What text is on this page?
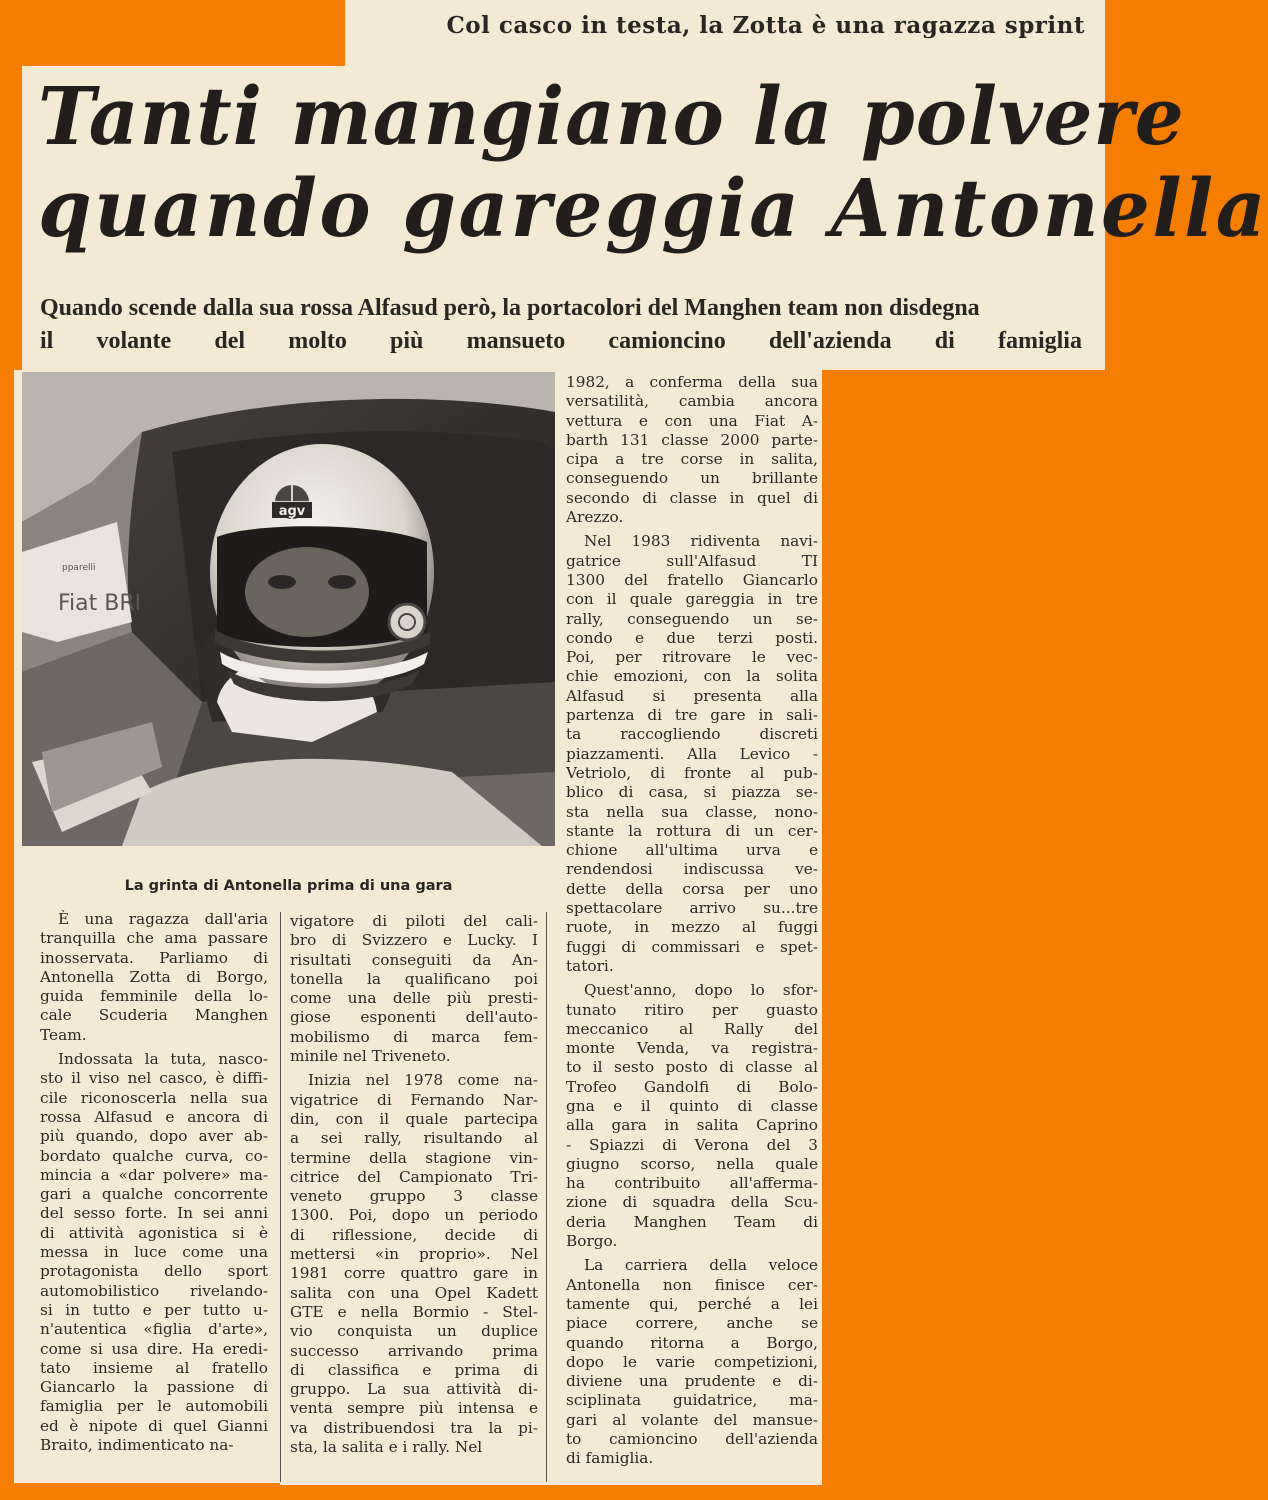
Col casco in testa, la Zotta è una ragazza sprint
Tanti mangiano la polvere
quando gareggia Antonella
Quando scende dalla sua rossa Alfasud però, la portacolori del Manghen team non disdegna
il volante del molto più mansueto camioncino dell'azienda di famiglia
agv
Fiat BRI
pparelli
La grinta di Antonella prima di una gara

È una ragazza dall'aria
tranquilla che ama passare
inosservata. Parliamo di
Antonella Zotta di Borgo,
guida femminile della lo-
cale Scuderia Manghen
Team.

Indossata la tuta, nasco-
sto il viso nel casco, è diffi-
cile riconoscerla nella sua
rossa Alfasud e ancora di
più quando, dopo aver ab-
bordato qualche curva, co-
mincia a «dar polvere» ma-
gari a qualche concorrente
del sesso forte. In sei anni
di attività agonistica si è
messa in luce come una
protagonista dello sport
automobilistico rivelando-
si in tutto e per tutto u-
n'autentica «figlia d'arte»,
come si usa dire. Ha eredi-
tato insieme al fratello
Giancarlo la passione di
famiglia per le automobili
ed è nipote di quel Gianni
Braito, indimenticato na-

vigatore di piloti del cali-
bro di Svizzero e Lucky. I
risultati conseguiti da An-
tonella la qualificano poi
come una delle più presti-
giose esponenti dell'auto-
mobilismo di marca fem-
minile nel Triveneto.

Inizia nel 1978 come na-
vigatrice di Fernando Nar-
din, con il quale partecipa
a sei rally, risultando al
termine della stagione vin-
citrice del Campionato Tri-
veneto gruppo 3 classe
1300. Poi, dopo un periodo
di riflessione, decide di
mettersi «in proprio». Nel
1981 corre quattro gare in
salita con una Opel Kadett
GTE e nella Bormio - Stel-
vio conquista un duplice
successo arrivando prima
di classifica e prima di
gruppo. La sua attività di-
venta sempre più intensa e
va distribuendosi tra la pi-
sta, la salita e i rally. Nel

1982, a conferma della sua
versatilità, cambia ancora
vettura e con una Fiat A-
barth 131 classe 2000 parte-
cipa a tre corse in salita,
conseguendo un brillante
secondo di classe in quel di
Arezzo.

Nel 1983 ridiventa navi-
gatrice sull'Alfasud TI
1300 del fratello Giancarlo
con il quale gareggia in tre
rally, conseguendo un se-
condo e due terzi posti.
Poi, per ritrovare le vec-
chie emozioni, con la solita
Alfasud si presenta alla
partenza di tre gare in sali-
ta raccogliendo discreti
piazzamenti. Alla Levico -
Vetriolo, di fronte al pub-
blico di casa, si piazza se-
sta nella sua classe, nono-
stante la rottura di un cer-
chione all'ultima urva e
rendendosi indiscussa ve-
dette della corsa per uno
spettacolare arrivo su...tre
ruote, in mezzo al fuggi
fuggi di commissari e spet-
tatori.

Quest'anno, dopo lo sfor-
tunato ritiro per guasto
meccanico al Rally del
monte Venda, va registra-
to il sesto posto di classe al
Trofeo Gandolfi di Bolo-
gna e il quinto di classe
alla gara in salita Caprino
- Spiazzi di Verona del 3
giugno scorso, nella quale
ha contribuito all'afferma-
zione di squadra della Scu-
deria Manghen Team di
Borgo.

La carriera della veloce
Antonella non finisce cer-
tamente qui, perché a lei
piace correre, anche se
quando ritorna a Borgo,
dopo le varie competizioni,
diviene una prudente e di-
sciplinata guidatrice, ma-
gari al volante del mansue-
to camioncino dell'azienda
di famiglia.
